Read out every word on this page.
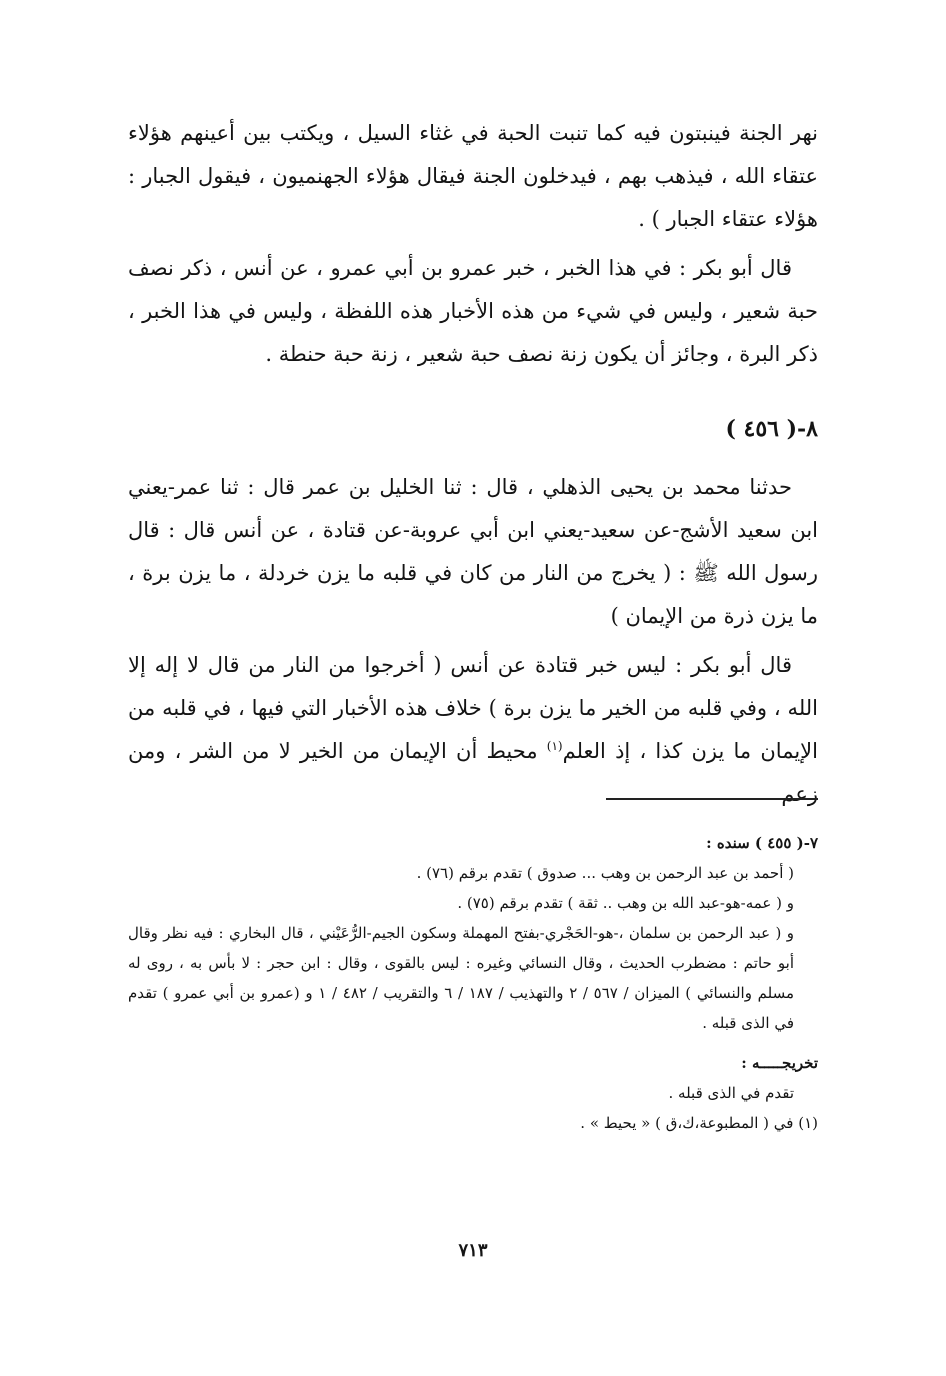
نهر الجنة فينبتون فيه كما تنبت الحبة في غثاء السيل ، ويكتب بين أعينهم هؤلاء عتقاء الله ، فيذهب بهم ، فيدخلون الجنة فيقال هؤلاء الجهنميون ، فيقول الجبار : هؤلاء عتقاء الجبار ) .

قال أبو بكر : في هذا الخبر ، خبر عمرو بن أبي عمرو ، عن أنس ، ذكر نصف حبة شعير ، وليس في شيء من هذه الأخبار هذه اللفظة ، وليس في هذا الخبر ، ذكر البرة ، وجائز أن يكون زنة نصف حبة شعير ، زنة حبة حنطة .

٨-( ٤٥٦ )

حدثنا محمد بن يحيى الذهلي ، قال : ثنا الخليل بن عمر قال : ثنا عمر-يعني ابن سعيد الأشج-عن سعيد-يعني ابن أبي عروبة-عن قتادة ، عن أنس قال : قال رسول الله ﷺ : ( يخرج من النار من كان في قلبه ما يزن خردلة ، ما يزن برة ، ما يزن ذرة من الإيمان )

قال أبو بكر : ليس خبر قتادة عن أنس ( أخرجوا من النار من قال لا إله إلا الله ، وفي قلبه من الخير ما يزن برة ) خلاف هذه الأخبار التي فيها ، في قلبه من الإيمان ما يزن كذا ، إذ العلم$^{(١)}$ محيط أن الإيمان من الخير لا من الشر ، ومن زعم

٧-( ٤٥٥ ) سنده :

( أحمد بن عبد الرحمن بن وهب ... صدوق ) تقدم برقم (٧٦) .

و ( عمه-هو-عبد الله بن وهب .. ثقة ) تقدم برقم (٧٥) .

و ( عبد الرحمن بن سلمان ،-هو-الحَجْري-بفتح المهملة وسكون الجيم-الرُّعَيْني ، قال البخاري : فيه نظر وقال أبو حاتم : مضطرب الحديث ، وقال النسائي وغيره : ليس بالقوى ، وقال : ابن حجر : لا بأس به ، روى له مسلم والنسائي ) الميزان / ٥٦٧ / ٢ والتهذيب / ١٨٧ / ٦ والتقريب / ٤٨٢ / ١ و (عمرو بن أبي عمرو ) تقدم في الذى قبله .

تخريجـــــه :

تقدم في الذى قبله .

(١) في ( المطبوعة،ك،ق ) « يحيط » .

٧١٣
